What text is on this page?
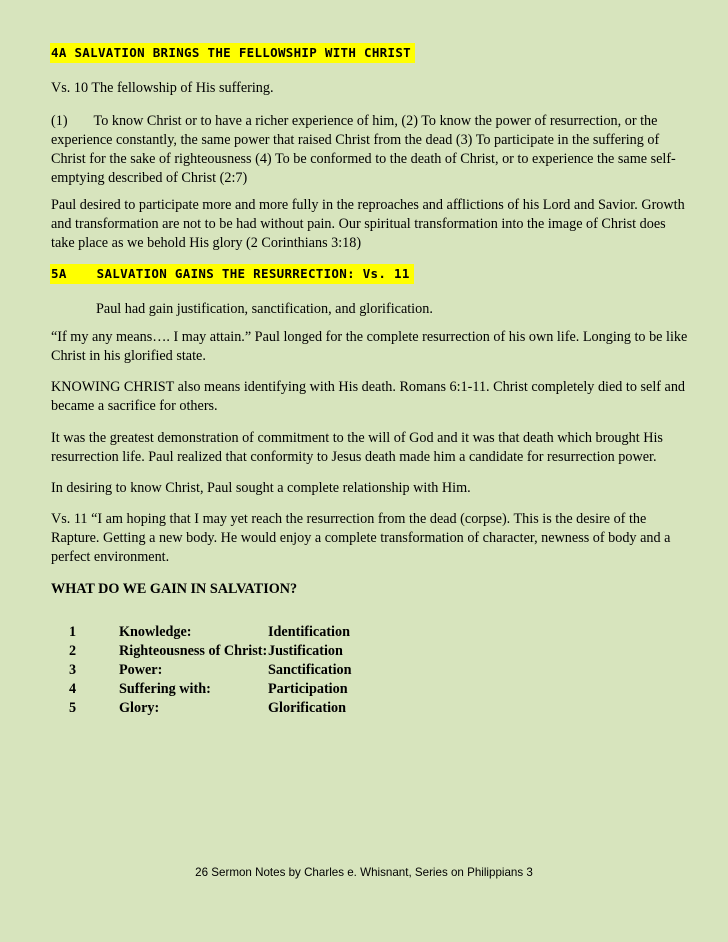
4A SALVATION BRINGS THE FELLOWSHIP WITH CHRIST

Vs. 10 The fellowship of His suffering.

(1) To know Christ or to have a richer experience of him, (2) To know the power of resurrection, or the experience constantly, the same power that raised Christ from the dead (3) To participate in the suffering of Christ for the sake of righteousness (4) To be conformed to the death of Christ, or to experience the same self-emptying described of Christ (2:7)

Paul desired to participate more and more fully in the reproaches and afflictions of his Lord and Savior. Growth and transformation are not to be had without pain. Our spiritual transformation into the image of Christ does take place as we behold His glory (2 Corinthians 3:18)

5A SALVATION GAINS THE RESURRECTION: Vs. 11

Paul had gain justification, sanctification, and glorification.

“If my any means…. I may attain.” Paul longed for the complete resurrection of his own life. Longing to be like Christ in his glorified state.

KNOWING CHRIST also means identifying with His death. Romans 6:1-11. Christ completely died to self and became a sacrifice for others.

It was the greatest demonstration of commitment to the will of God and it was that death which brought His resurrection life. Paul realized that conformity to Jesus death made him a candidate for resurrection power.

In desiring to know Christ, Paul sought a complete relationship with Him.

Vs. 11 “I am hoping that I may yet reach the resurrection from the dead (corpse). This is the desire of the Rapture. Getting a new body. He would enjoy a complete transformation of character, newness of body and a perfect environment.

WHAT DO WE GAIN IN SALVATION?
1	Knowledge:	Identification
2	Righteousness of Christ:	Justification
3	Power:	Sanctification
4	Suffering with:	Participation
5	Glory:	Glorification
26 Sermon Notes by Charles e. Whisnant, Series on Philippians 3
